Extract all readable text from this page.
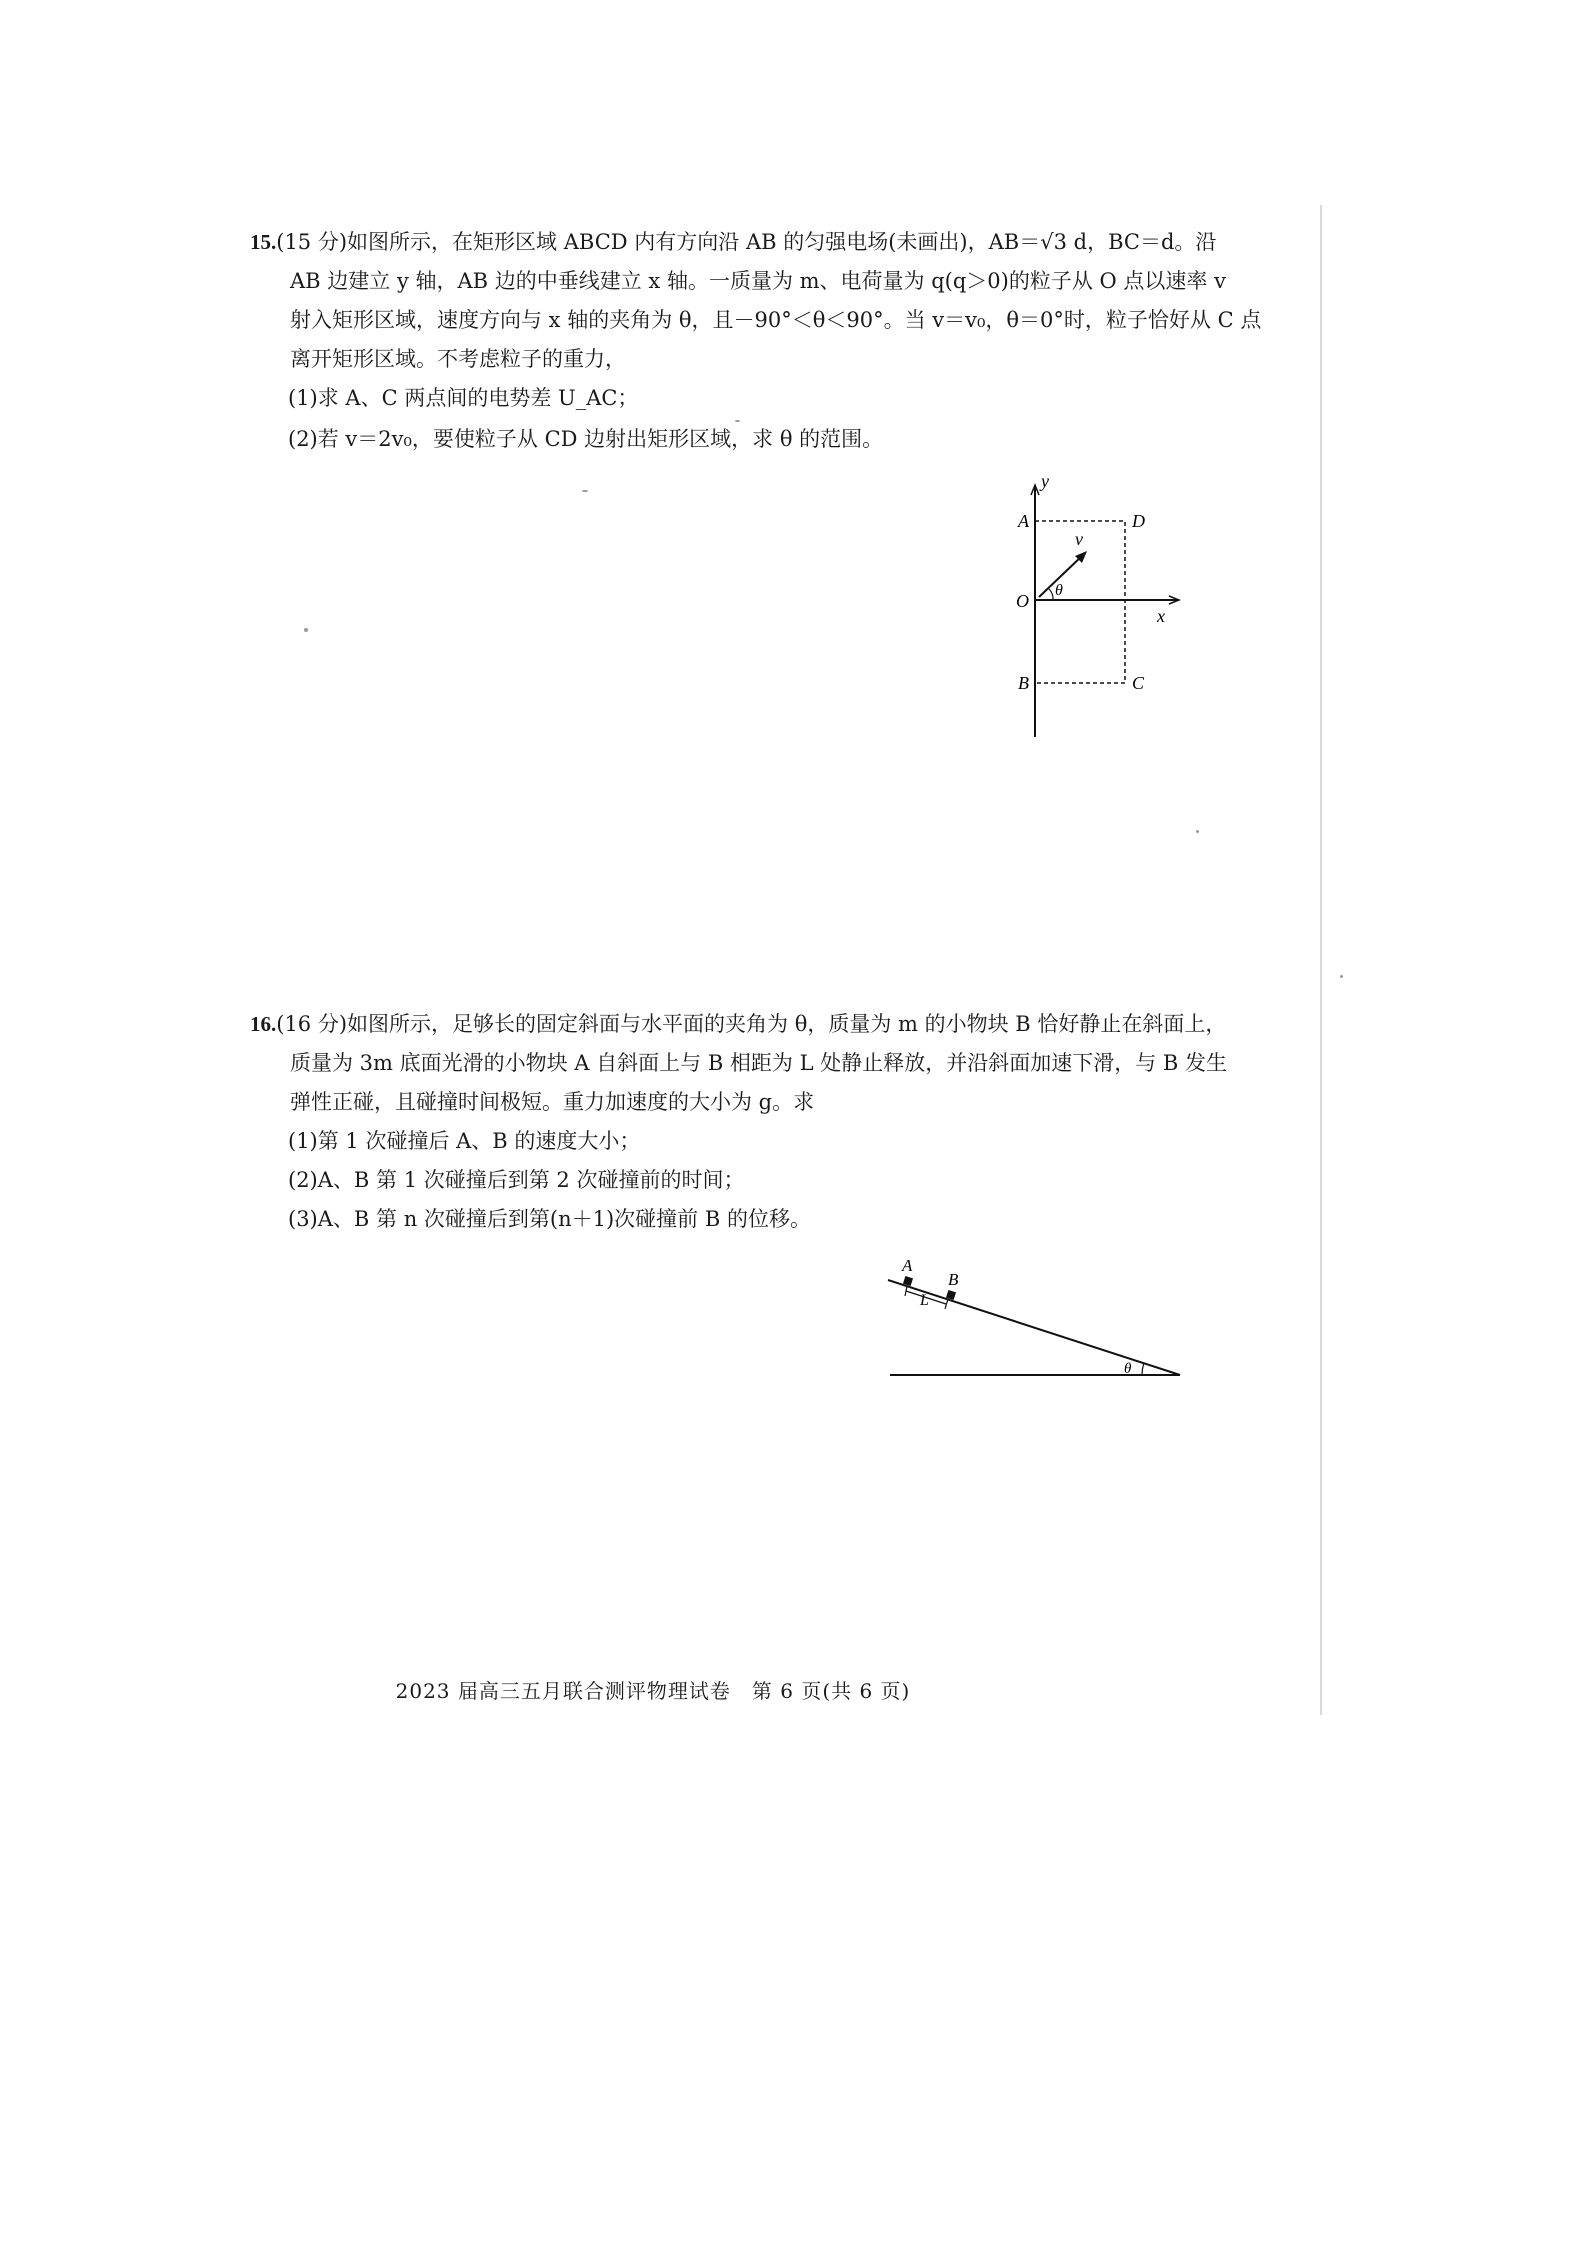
15.(15 分)如图所示，在矩形区域 ABCD 内有方向沿 AB 的匀强电场(未画出)，AB＝√3 d，BC＝d。沿
AB 边建立 y 轴，AB 边的中垂线建立 x 轴。一质量为 m、电荷量为 q(q＞0)的粒子从 O 点以速率 v
射入矩形区域，速度方向与 x 轴的夹角为 θ，且－90°＜θ＜90°。当 v＝v₀，θ＝0°时，粒子恰好从 C 点
离开矩形区域。不考虑粒子的重力，
(1)求 A、C 两点间的电势差 U_AC；
(2)若 v＝2v₀，要使粒子从 CD 边射出矩形区域，求 θ 的范围。
y
A	D
O
θ
v
x
B	C
16.(16 分)如图所示，足够长的固定斜面与水平面的夹角为 θ，质量为 m 的小物块 B 恰好静止在斜面上，
质量为 3m 底面光滑的小物块 A 自斜面上与 B 相距为 L 处静止释放，并沿斜面加速下滑，与 B 发生
弹性正碰，且碰撞时间极短。重力加速度的大小为 g。求
(1)第 1 次碰撞后 A、B 的速度大小；
(2)A、B 第 1 次碰撞后到第 2 次碰撞前的时间；
(3)A、B 第 n 次碰撞后到第(n＋1)次碰撞前 B 的位移。
A
B
L
θ
2023 届高三五月联合测评物理试卷　第 6 页(共 6 页)
